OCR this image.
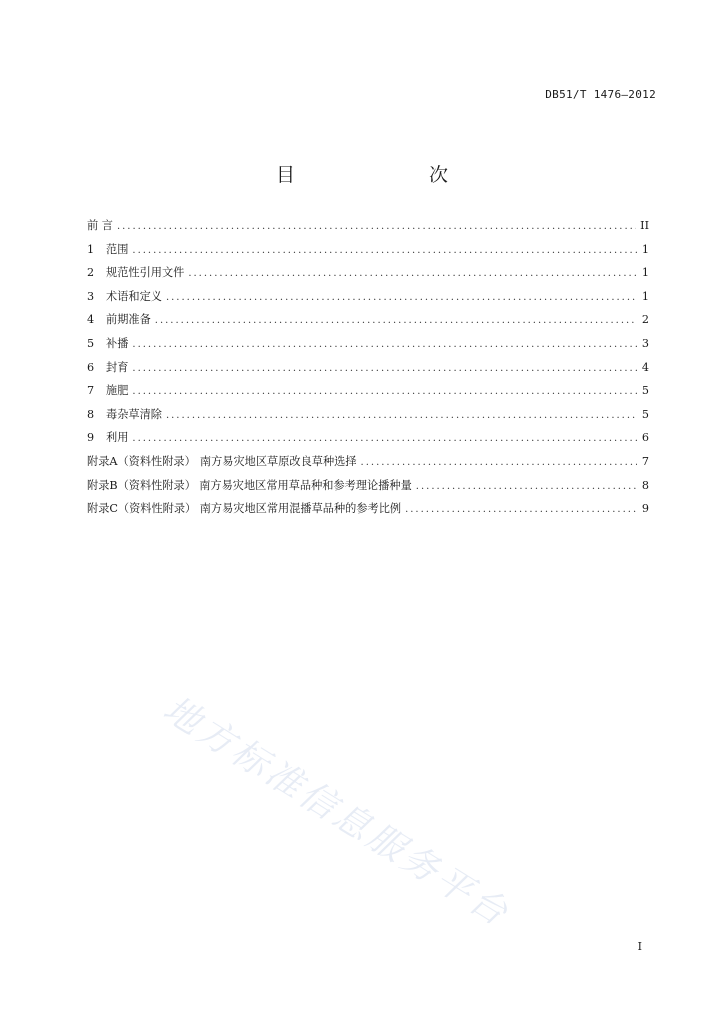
DB51/T 1476—2012
目　　次
前 言 .....	II
1	范围 .....	1
2	规范性引用文件 .....	1
3	术语和定义 .....	1
4	前期准备 .....	2
5	补播 .....	3
6	封育 .....	4
7	施肥 .....	5
8	毒杂草清除 .....	5
9	利用 .....	6
附录A（资料性附录） 南方易灾地区草原改良草种选择 .....	7
附录B（资料性附录） 南方易灾地区常用草品种和参考理论播种量 .....	8
附录C（资料性附录） 南方易灾地区常用混播草品种的参考比例 .....	9
地方标准信息服务平台
I
